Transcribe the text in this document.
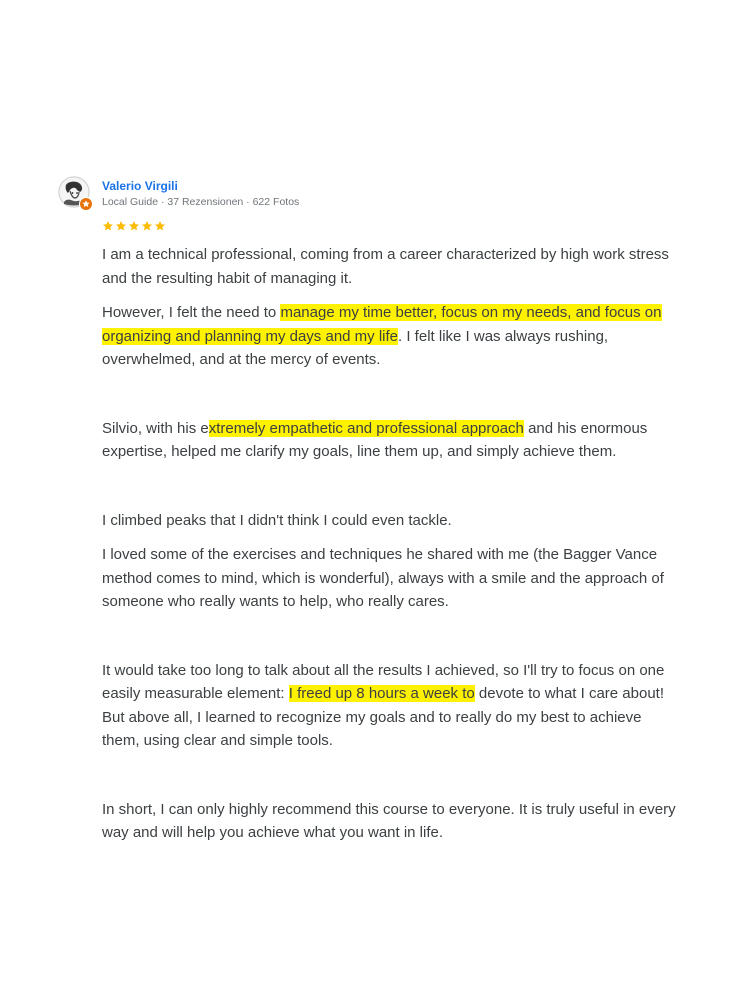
Valerio Virgili
Local Guide · 37 Rezensionen · 622 Fotos

I am a technical professional, coming from a career characterized by high work stress and the resulting habit of managing it.

However, I felt the need to manage my time better, focus on my needs, and focus on organizing and planning my days and my life. I felt like I was always rushing, overwhelmed, and at the mercy of events.

Silvio, with his extremely empathetic and professional approach and his enormous expertise, helped me clarify my goals, line them up, and simply achieve them.

I climbed peaks that I didn't think I could even tackle.

I loved some of the exercises and techniques he shared with me (the Bagger Vance method comes to mind, which is wonderful), always with a smile and the approach of someone who really wants to help, who really cares.

It would take too long to talk about all the results I achieved, so I'll try to focus on one easily measurable element: I freed up 8 hours a week to devote to what I care about! But above all, I learned to recognize my goals and to really do my best to achieve them, using clear and simple tools.

In short, I can only highly recommend this course to everyone. It is truly useful in every way and will help you achieve what you want in life.
